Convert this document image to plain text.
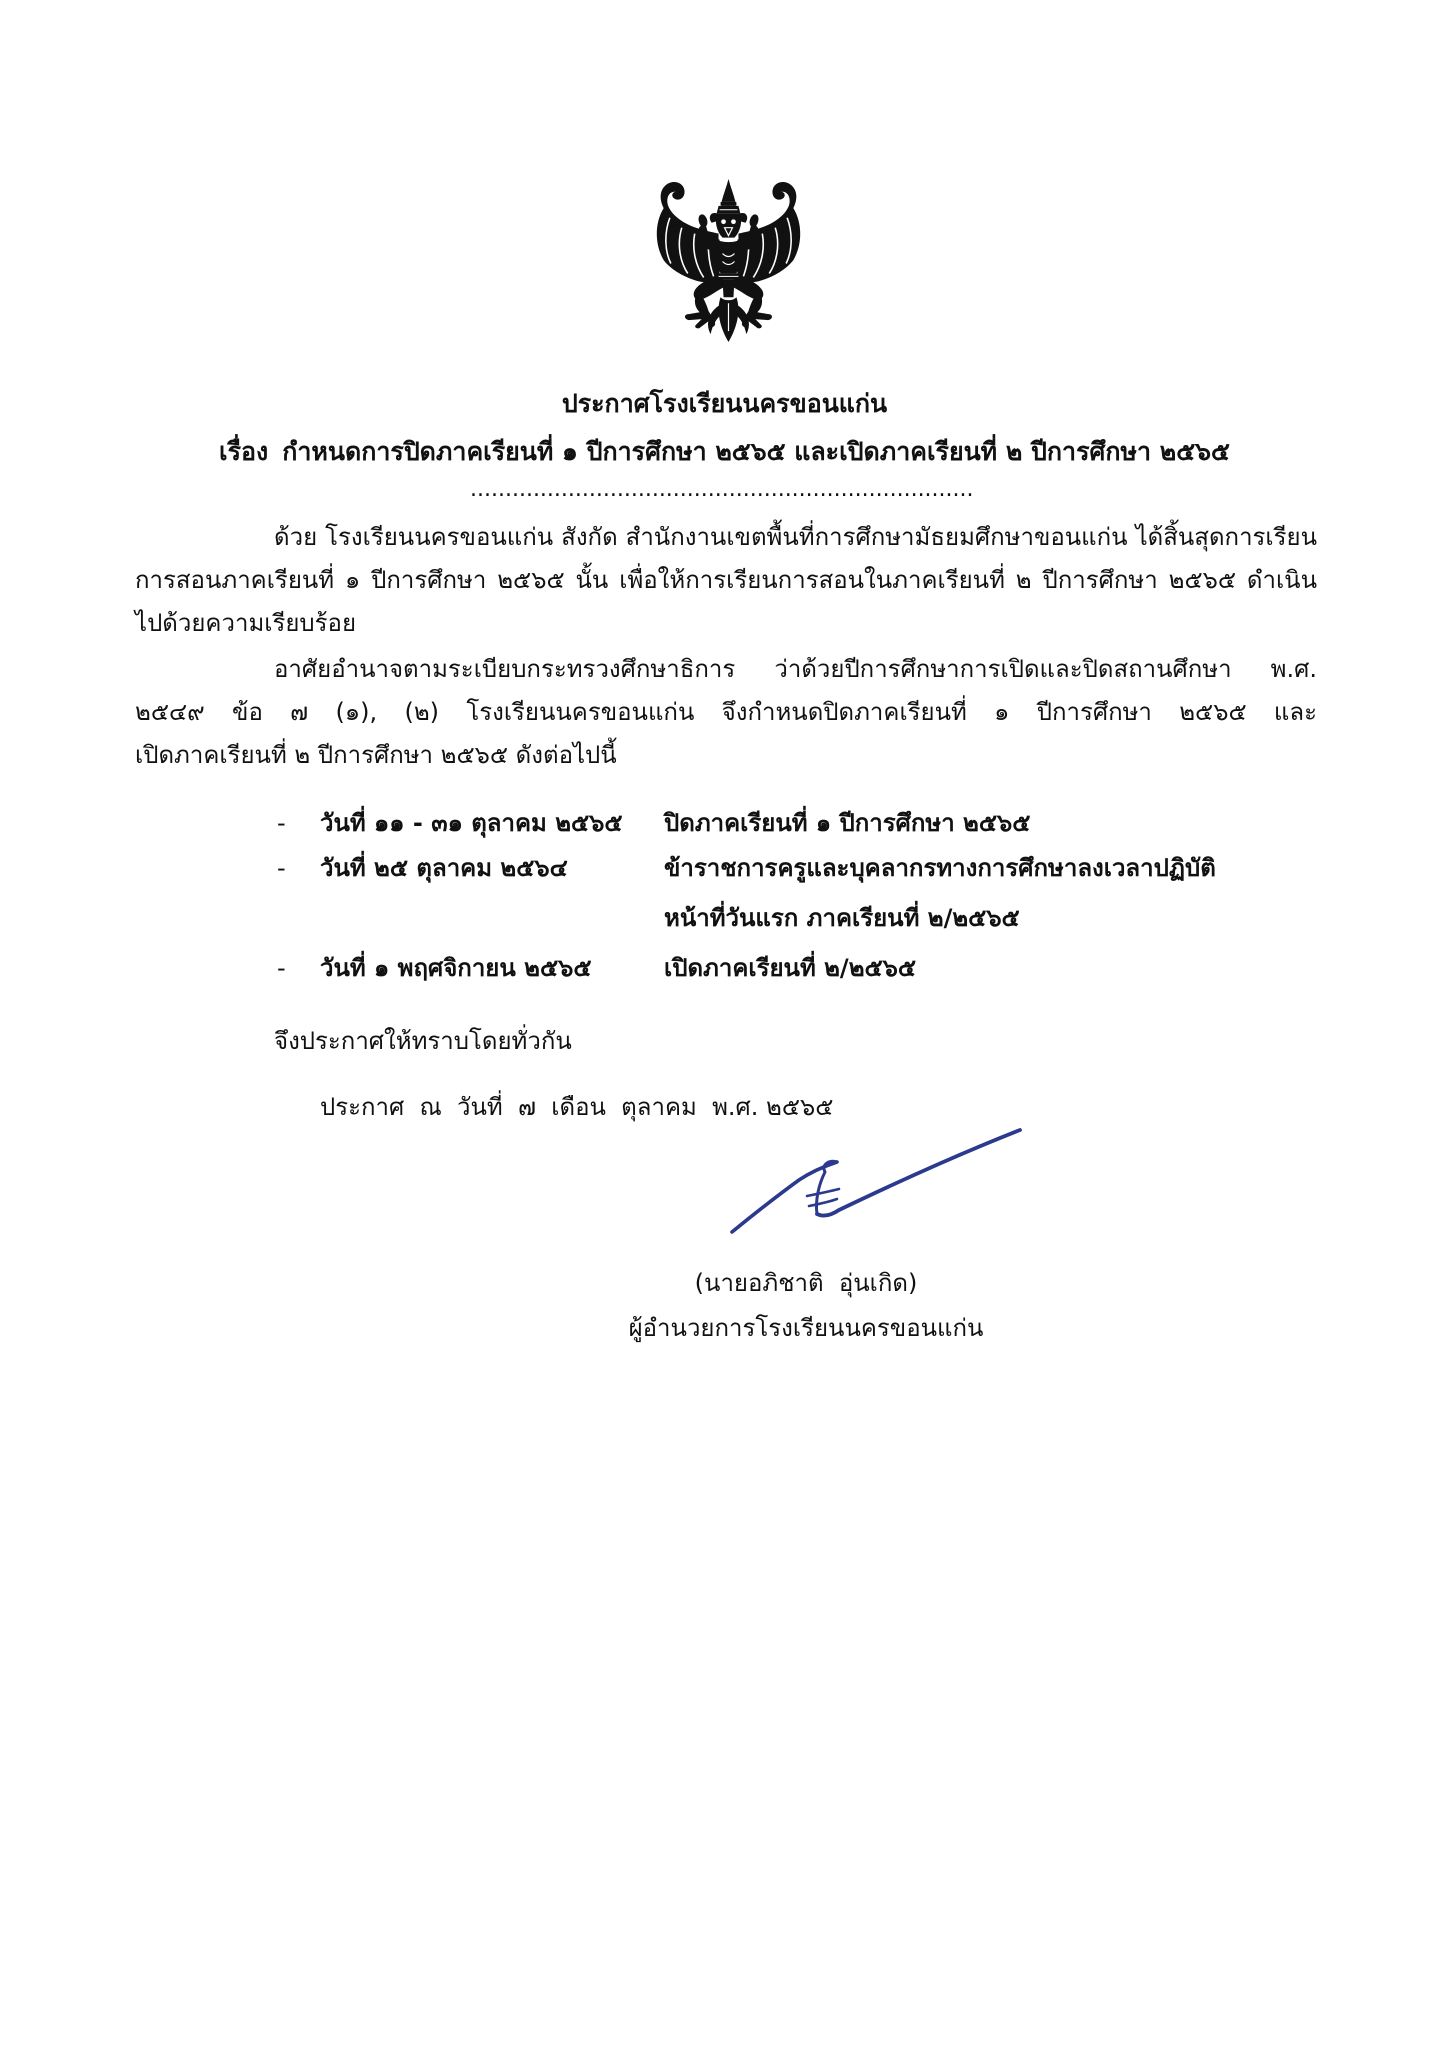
ประกาศโรงเรียนนครขอนแก่น
เรื่อง กำหนดการปิดภาคเรียนที่ ๑ ปีการศึกษา ๒๕๖๕ และเปิดภาคเรียนที่ ๒ ปีการศึกษา ๒๕๖๕
........................................................................
ด้วย โรงเรียนนครขอนแก่น สังกัด สำนักงานเขตพื้นที่การศึกษามัธยมศึกษาขอนแก่น ได้สิ้นสุดการเรียน
การสอนภาคเรียนที่ ๑ ปีการศึกษา ๒๕๖๕ นั้น เพื่อให้การเรียนการสอนในภาคเรียนที่ ๒ ปีการศึกษา ๒๕๖๕ ดำเนิน
ไปด้วยความเรียบร้อย
อาศัยอำนาจตามระเบียบกระทรวงศึกษาธิการ ว่าด้วยปีการศึกษาการเปิดและปิดสถานศึกษา พ.ศ.
๒๕๔๙ ข้อ ๗ (๑), (๒) โรงเรียนนครขอนแก่น จึงกำหนดปิดภาคเรียนที่ ๑ ปีการศึกษา ๒๕๖๕ และ
เปิดภาคเรียนที่ ๒ ปีการศึกษา ๒๕๖๕ ดังต่อไปนี้
- วันที่ ๑๑ - ๓๑ ตุลาคม ๒๕๖๕ ปิดภาคเรียนที่ ๑ ปีการศึกษา ๒๕๖๕
- วันที่ ๒๕ ตุลาคม ๒๕๖๔	ข้าราชการครูและบุคลากรทางการศึกษาลงเวลาปฏิบัติ
หน้าที่วันแรก ภาคเรียนที่ ๒/๒๕๖๕
- วันที่ ๑ พฤศจิกายน ๒๕๖๕	เปิดภาคเรียนที่ ๒/๒๕๖๕
จึงประกาศให้ทราบโดยทั่วกัน
ประกาศ  ณ  วันที่  ๗  เดือน  ตุลาคม  พ.ศ. ๒๕๖๕
(นายอภิชาติ  อุ่นเกิด)
ผู้อำนวยการโรงเรียนนครขอนแก่น
